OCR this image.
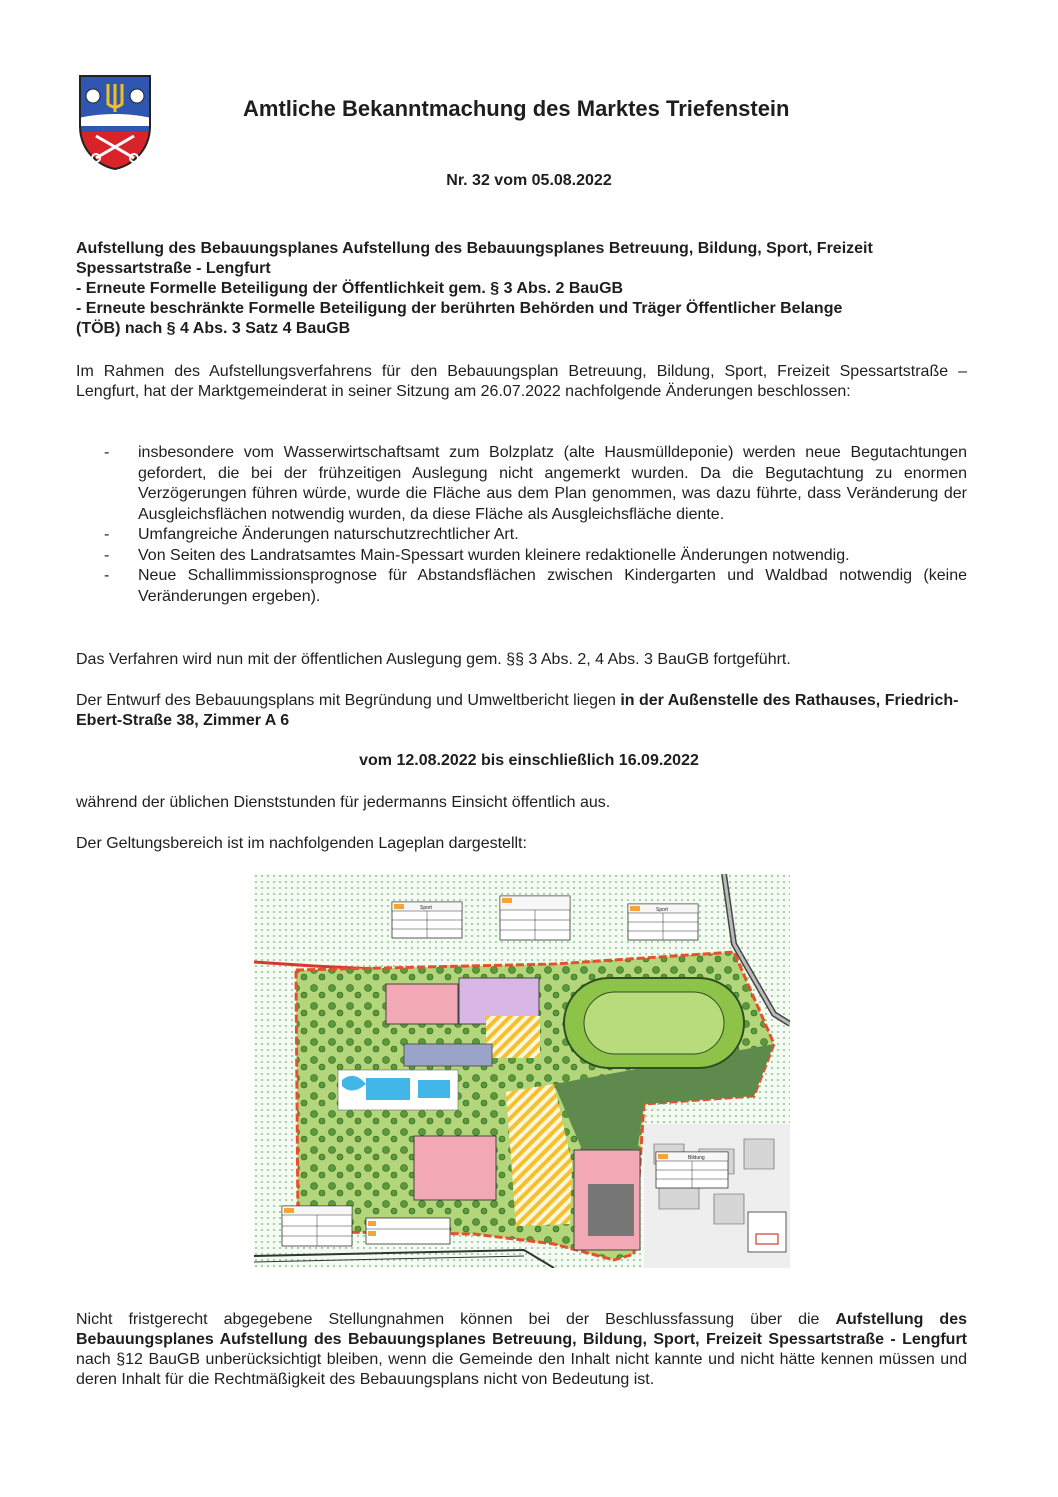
Amtliche Bekanntmachung des Marktes Triefenstein
Nr. 32 vom 05.08.2022
Aufstellung des Bebauungsplanes Aufstellung des Bebauungsplanes Betreuung, Bildung, Sport, Freizeit
Spessartstraße - Lengfurt
- Erneute Formelle Beteiligung der Öffentlichkeit gem. § 3 Abs. 2 BauGB
- Erneute beschränkte Formelle Beteiligung der berührten Behörden und Träger Öffentlicher Belange
(TÖB) nach § 4 Abs. 3 Satz 4 BauGB
Im Rahmen des Aufstellungsverfahrens für den Bebauungsplan Betreuung, Bildung, Sport, Freizeit Spessartstraße – Lengfurt, hat der Marktgemeinderat in seiner Sitzung am 26.07.2022 nachfolgende Änderungen beschlossen:
- insbesondere vom Wasserwirtschaftsamt zum Bolzplatz (alte Hausmülldeponie) werden neue Begutachtungen gefordert, die bei der frühzeitigen Auslegung nicht angemerkt wurden. Da die Begutachtung zu enormen Verzögerungen führen würde, wurde die Fläche aus dem Plan genommen, was dazu führte, dass Veränderung der Ausgleichsflächen notwendig wurden, da diese Fläche als Ausgleichsfläche diente.
- Umfangreiche Änderungen naturschutzrechtlicher Art.
- Von Seiten des Landratsamtes Main-Spessart wurden kleinere redaktionelle Änderungen notwendig.
- Neue Schallimmissionsprognose für Abstandsflächen zwischen Kindergarten und Waldbad notwendig (keine Veränderungen ergeben).
Das Verfahren wird nun mit der öffentlichen Auslegung gem. §§ 3 Abs. 2, 4 Abs. 3 BauGB fortgeführt.
Der Entwurf des Bebauungsplans mit Begründung und Umweltbericht liegen in der Außenstelle des Rathauses, Friedrich-Ebert-Straße 38, Zimmer A 6
vom 12.08.2022 bis einschließlich 16.09.2022
während der üblichen Dienststunden für jedermanns Einsicht öffentlich aus.
Der Geltungsbereich ist im nachfolgenden Lageplan dargestellt:
Sport	Sport
Bildung
Nicht fristgerecht abgegebene Stellungnahmen können bei der Beschlussfassung über die Aufstellung des Bebauungsplanes Aufstellung des Bebauungsplanes Betreuung, Bildung, Sport, Freizeit Spessartstraße - Lengfurt nach §12 BauGB unberücksichtigt bleiben, wenn die Gemeinde den Inhalt nicht kannte und nicht hätte kennen müssen und deren Inhalt für die Rechtmäßigkeit des Bebauungsplans nicht von Bedeutung ist.
